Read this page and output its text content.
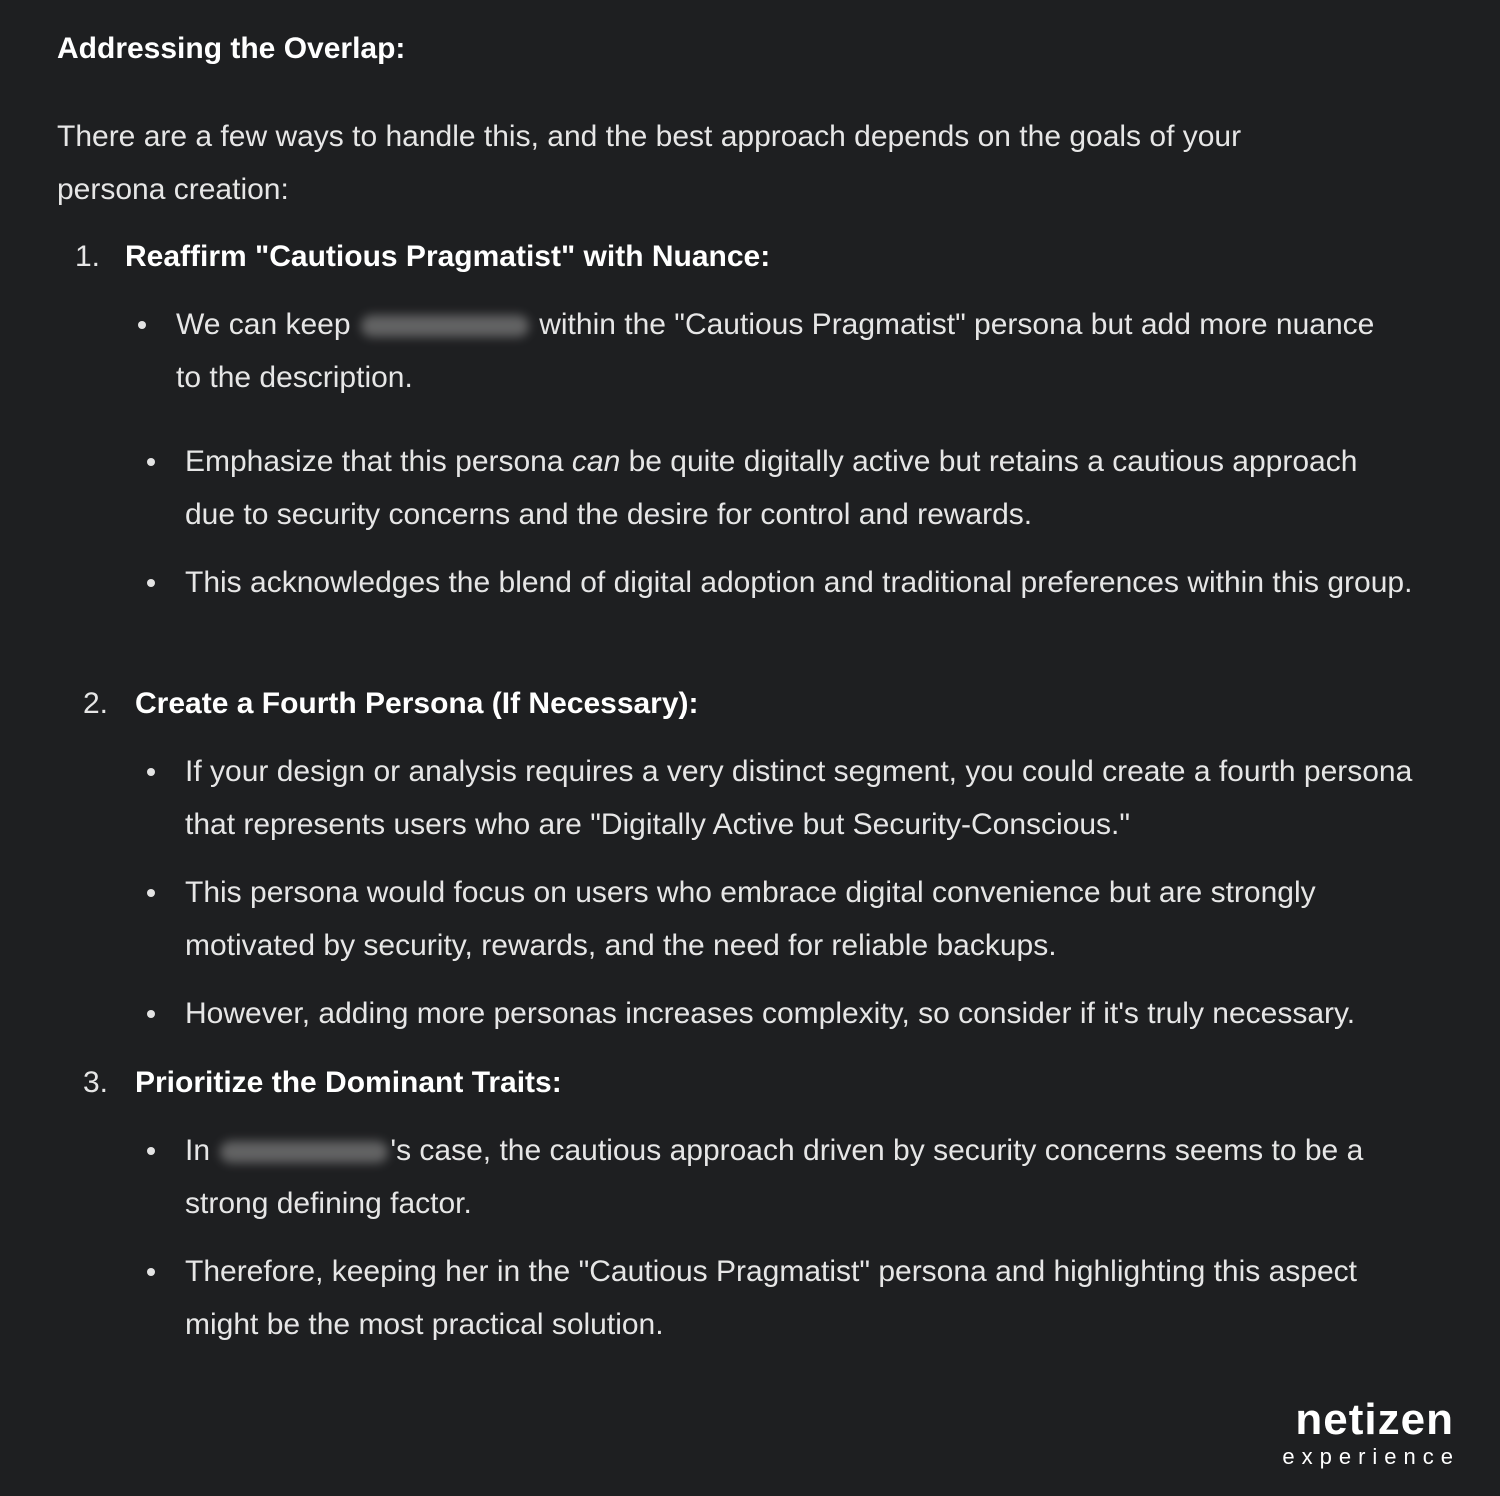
Addressing the Overlap:
There are a few ways to handle this, and the best approach depends on the goals of your persona creation:
1. Reaffirm "Cautious Pragmatist" with Nuance:
We can keep	within the "Cautious Pragmatist" persona but add more nuance to the description.
Emphasize that this persona can be quite digitally active but retains a cautious approach due to security concerns and the desire for control and rewards.
This acknowledges the blend of digital adoption and traditional preferences within this group.
2. Create a Fourth Persona (If Necessary):
If your design or analysis requires a very distinct segment, you could create a fourth persona that represents users who are "Digitally Active but Security-Conscious."
This persona would focus on users who embrace digital convenience but are strongly motivated by security, rewards, and the need for reliable backups.
However, adding more personas increases complexity, so consider if it's truly necessary.
3. Prioritize the Dominant Traits:
In	's case, the cautious approach driven by security concerns seems to be a strong defining factor.
Therefore, keeping her in the "Cautious Pragmatist" persona and highlighting this aspect might be the most practical solution.
netizen
experience
